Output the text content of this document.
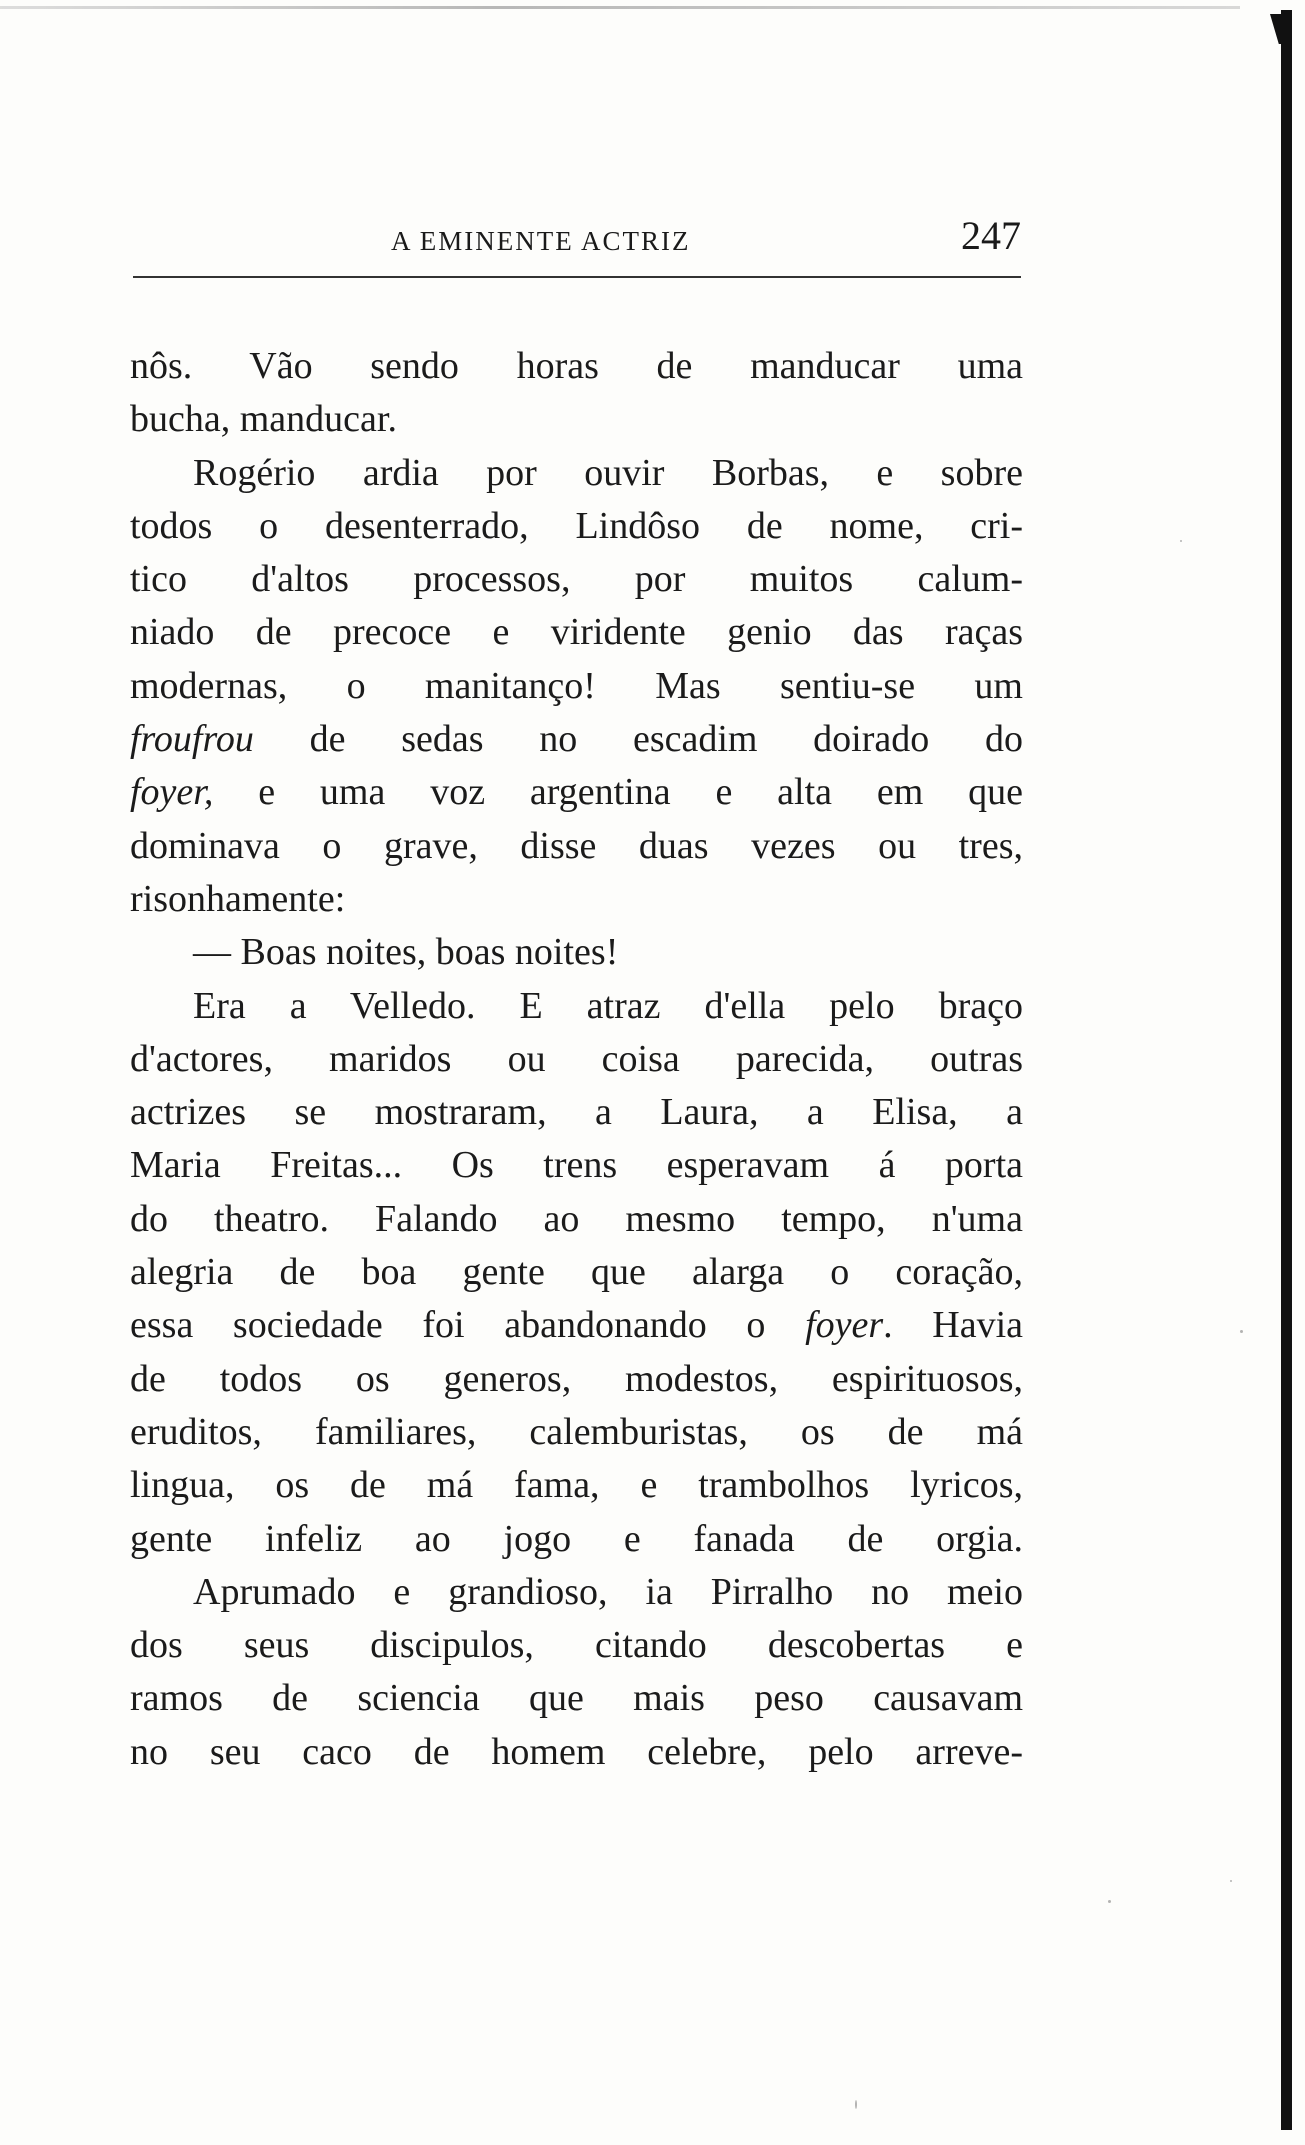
A EMINENTE ACTRIZ	247
nôs. Vão sendo horas de manducar uma
bucha, manducar.
Rogério ardia por ouvir Borbas, e sobre
todos o desenterrado, Lindôso de nome, cri-
tico d'altos processos, por muitos calum-
niado de precoce e viridente genio das raças
modernas, o manitanço! Mas sentiu-se um
froufrou de sedas no escadim doirado do
foyer, e uma voz argentina e alta em que
dominava o grave, disse duas vezes ou tres,
risonhamente:
— Boas noites, boas noites!
Era a Velledo. E atraz d'ella pelo braço
d'actores, maridos ou coisa parecida, outras
actrizes se mostraram, a Laura, a Elisa, a
Maria Freitas... Os trens esperavam á porta
do theatro. Falando ao mesmo tempo, n'uma
alegria de boa gente que alarga o coração,
essa sociedade foi abandonando o foyer. Havia
de todos os generos, modestos, espirituosos,
eruditos, familiares, calemburistas, os de má
lingua, os de má fama, e trambolhos lyricos,
gente infeliz ao jogo e fanada de orgia.
Aprumado e grandioso, ia Pirralho no meio
dos seus discipulos, citando descobertas e
ramos de sciencia que mais peso causavam
no seu caco de homem celebre, pelo arreve-
